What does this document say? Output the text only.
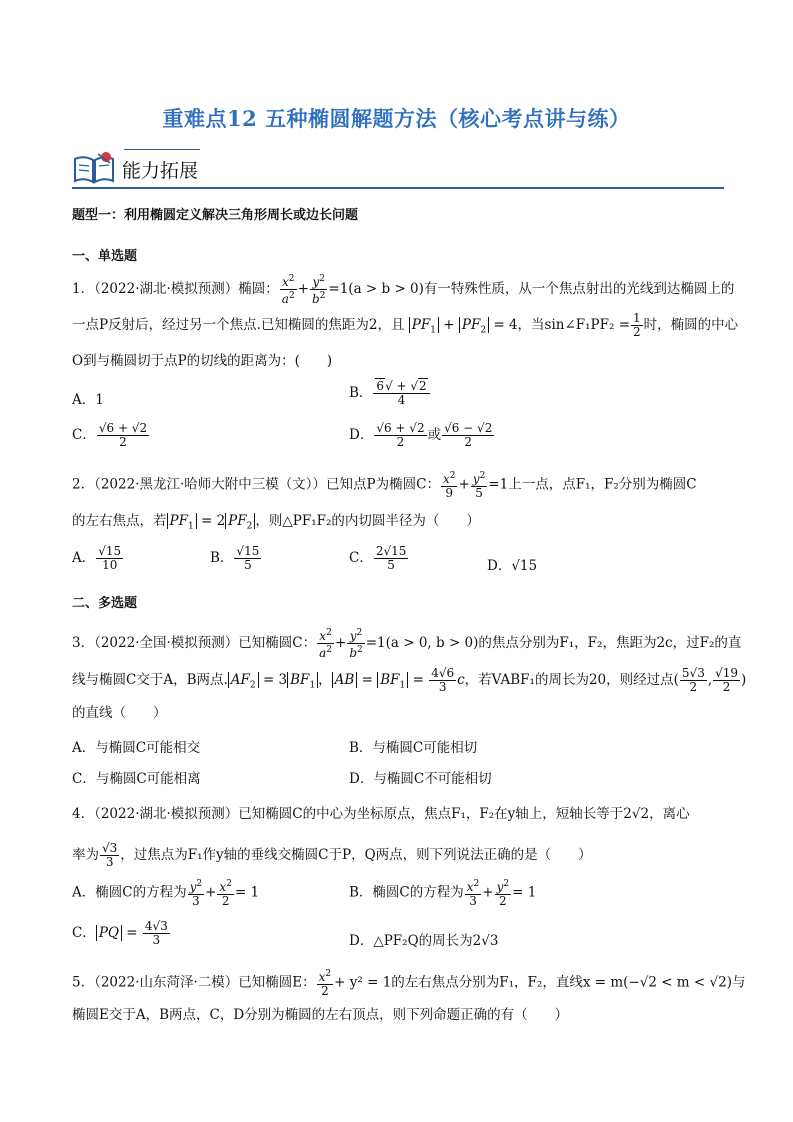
重难点12 五种椭圆解题方法（核心考点讲与练）
能力拓展
题型一：利用椭圆定义解决三角形周长或边长问题
一、单选题
1．（2022·湖北·模拟预测）椭圆： $\frac{x^2}{a^2} + \frac{y^2}{b^2} =1(a > b > 0)$有一特殊性质，从一个焦点射出的光线到达椭圆上的
一点P反射后，经过另一个焦点.已知椭圆的焦距为2，且 $PF_1 + PF_2 = 4$，当sin∠F₁PF₂ = $\frac{1}{2}$ 时，椭圆的中心
O到与椭圆切于点P的切线的距离为：(　　)
A．1	B． $\frac{6√ + √2}{4}$
C． $\frac{√6 + √2}{2}$	D． $\frac{√6 + √2}{2}$ 或 $\frac{√6 - √2}{2}$
2．（2022·黑龙江·哈师大附中三模（文））已知点P为椭圆C： $\frac{x^2}{9} + \frac{y^2}{5} =1$上一点，点F₁，F₂分别为椭圆C
的左右焦点，若 $PF_1 = 2$ $PF_2$ ，则△PF₁F₂的内切圆半径为（　　）
A． $\frac{√15}{10}$	B． $\frac{√15}{5}$	C． $\frac{2√15}{5}$	D．√15
二、多选题
3．（2022·全国·模拟预测）已知椭圆C： $\frac{x^2}{a^2} + \frac{y^2}{b^2} =1(a > 0$, b > 0)的焦点分别为F₁，F₂，焦距为2c，过F₂的直
线与椭圆C交于A，B两点. $AF_2 = 3$ $BF_1$ ， AB = $BF_1 = \frac{4√6}{3}$ c，若VABF₁的周长为20，则经过点( $\frac{5√3}{2}$ , $\frac{√19}{2}$ )
的直线（　　）
A．与椭圆C可能相交	B．与椭圆C可能相切
C．与椭圆C可能相离	D．与椭圆C不可能相切
4．（2022·湖北·模拟预测）已知椭圆C的中心为坐标原点，焦点F₁，F₂在y轴上，短轴长等于2√2，离心
率为 $\frac{√3}{3}$ ，过焦点为F₁作y轴的垂线交椭圆C于P，Q两点，则下列说法正确的是（　　）
A．椭圆C的方程为 $\frac{y^2}{3} + \frac{x^2}{2} = 1$	B．椭圆C的方程为 $\frac{x^2}{3} + \frac{y^2}{2} = 1$
C． PQ = $\frac{4√3}{3}$	D．△PF₂Q的周长为2√3
5．（2022·山东菏泽·二模）已知椭圆E： $\frac{x^2}{2} + y^2 = 1$的左右焦点分别为F₁，F₂，直线x = m(−√2 < m < √2)与
椭圆E交于A，B两点，C，D分别为椭圆的左右顶点，则下列命题正确的有（　　）
